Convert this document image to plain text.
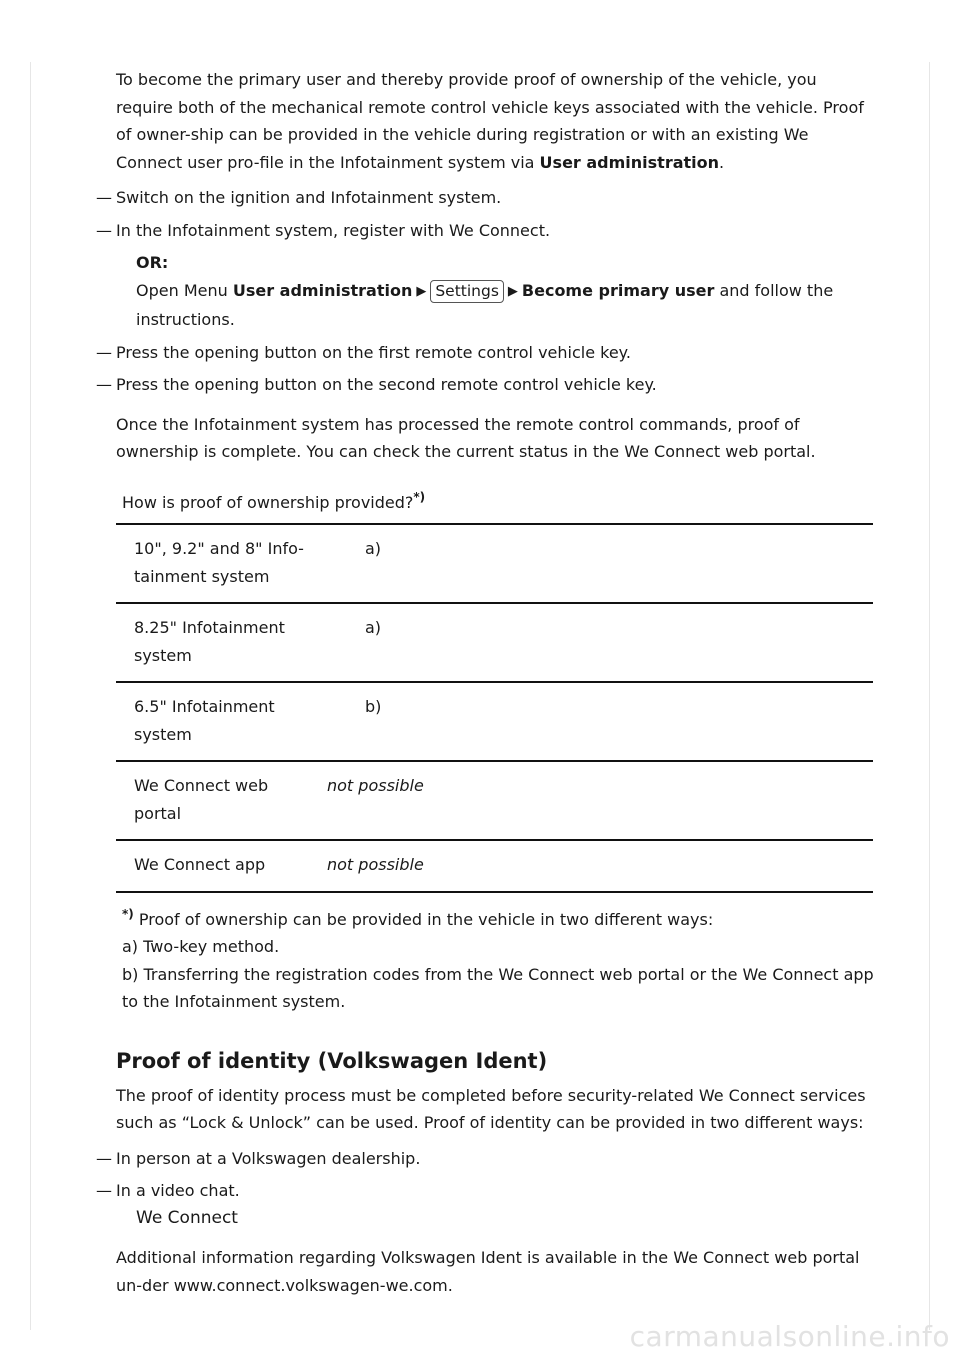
To become the primary user and thereby provide proof of ownership of the vehicle, you require both of the mechanical remote control vehicle keys associated with the vehicle. Proof of owner-ship can be provided in the vehicle during registration or with an existing We Connect user pro-file in the Infotainment system via User administration.

— Switch on the ignition and Infotainment system.

— In the Infotainment system, register with We Connect.

OR:

Open Menu User administration ▶ Settings ▶ Become primary user and follow the instructions.

— Press the opening button on the first remote control vehicle key.

— Press the opening button on the second remote control vehicle key.

Once the Infotainment system has processed the remote control commands, proof of ownership is complete. You can check the current status in the We Connect web portal.

How is proof of ownership provided?*)

10", 9.2" and 8" Info-tainment system	a)
8.25" Infotainment system	a)
6.5" Infotainment system	b)
We Connect web portal	not possible
We Connect app	not possible

*) Proof of ownership can be provided in the vehicle in two different ways:

a) Two-key method.

b) Transferring the registration codes from the We Connect web portal or the We Connect app to the Infotainment system.

Proof of identity (Volkswagen Ident)

The proof of identity process must be completed before security-related We Connect services such as “Lock & Unlock” can be used. Proof of identity can be provided in two different ways:

— In person at a Volkswagen dealership.

— In a video chat.

We Connect

Additional information regarding Volkswagen Ident is available in the We Connect web portal un-der www.connect.volkswagen-we.com.

carmanualsonline.info
